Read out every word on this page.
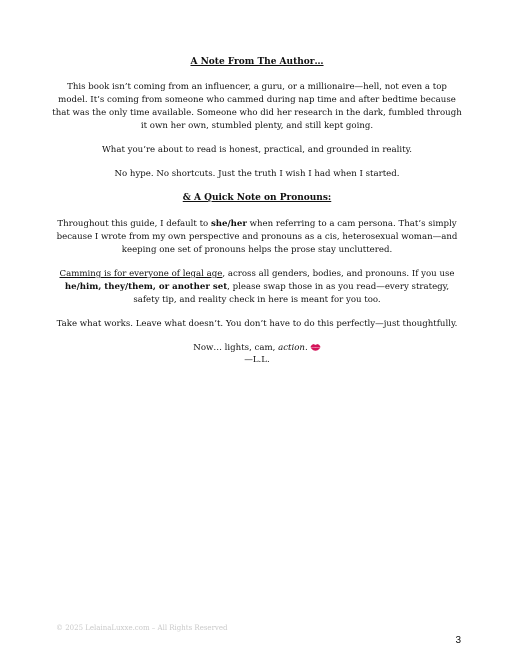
A Note From The Author…

This book isn’t coming from an influencer, a guru, or a millionaire—hell, not even a top model. It’s coming from someone who cammed during nap time and after bedtime because that was the only time available. Someone who did her research in the dark, fumbled through it own her own, stumbled plenty, and still kept going.

What you’re about to read is honest, practical, and grounded in reality.

No hype. No shortcuts. Just the truth I wish I had when I started.

& A Quick Note on Pronouns:

Throughout this guide, I default to she/her when referring to a cam persona. That’s simply because I wrote from my own perspective and pronouns as a cis, heterosexual woman—and keeping one set of pronouns helps the prose stay uncluttered.

Camming is for everyone of legal age, across all genders, bodies, and pronouns. If you use he/him, they/them, or another set, please swap those in as you read—every strategy, safety tip, and reality check in here is meant for you too.

Take what works. Leave what doesn’t. You don’t have to do this perfectly—just thoughtfully.

Now… lights, cam, action.

—L.L.

© 2025 LelainaLuxxe.com – All Rights Reserved
3
